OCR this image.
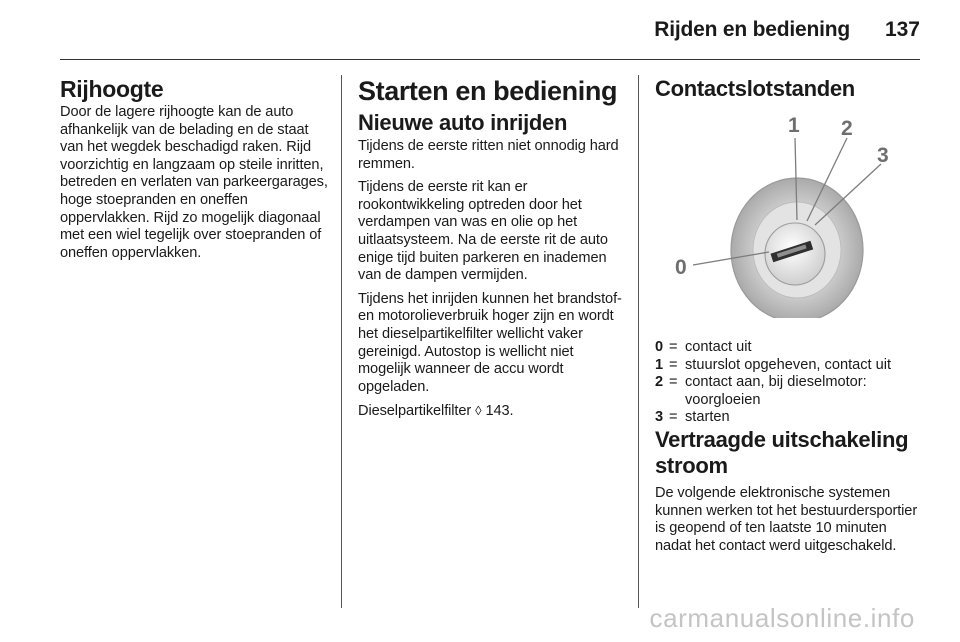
Rijden en bediening	137
Rijhoogte

Door de lagere rijhoogte kan de auto afhankelijk van de belading en de staat van het wegdek beschadigd raken. Rijd voorzichtig en langzaam op steile inritten, betreden en verlaten van parkeergarages, hoge stoepranden en oneffen oppervlakken. Rijd zo mogelijk diagonaal met een wiel tegelijk over stoepranden of oneffen oppervlakken.

Starten en bediening
Nieuwe auto inrijden

Tijdens de eerste ritten niet onnodig hard remmen.

Tijdens de eerste rit kan er rookontwikkeling optreden door het verdampen van was en olie op het uitlaatsysteem. Na de eerste rit de auto enige tijd buiten parkeren en inademen van de dampen vermijden.

Tijdens het inrijden kunnen het brandstof- en motorolieverbruik hoger zijn en wordt het dieselpartikelfilter wellicht vaker gereinigd. Autostop is wellicht niet mogelijk wanneer de accu wordt opgeladen.

Dieselpartikelfilter ◊ 143.

Contactslotstanden
0
1 2
3
0 = contact uit
1 = stuurslot opgeheven, contact uit
2 = contact aan, bij dieselmotor: voorgloeien
3 = starten
Vertraagde uitschakeling stroom

De volgende elektronische systemen kunnen werken tot het bestuurdersportier is geopend of ten laatste 10 minuten nadat het contact werd uitgeschakeld.

carmanualsonline.info
